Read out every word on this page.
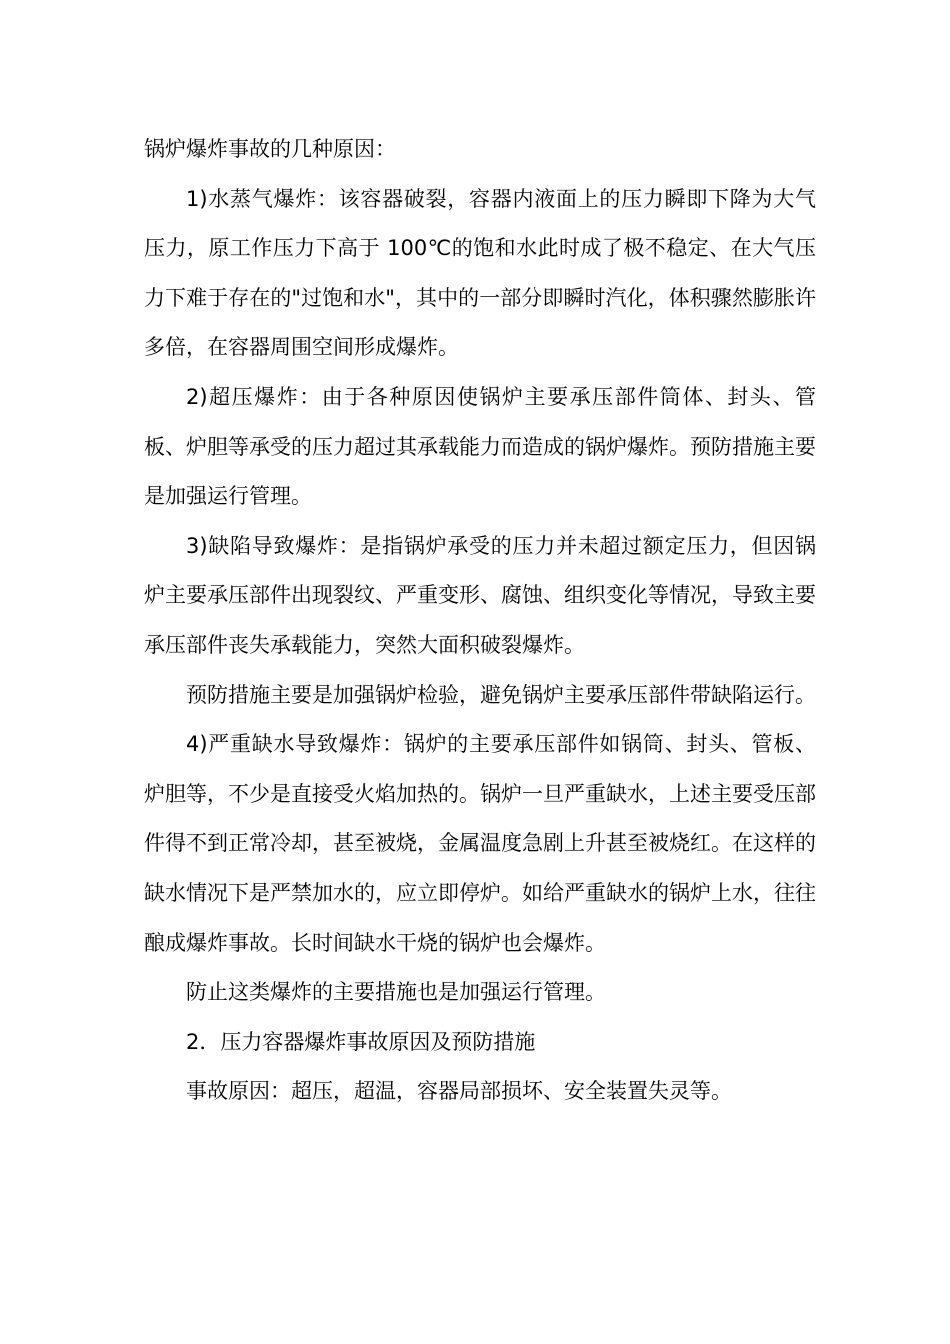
锅炉爆炸事故的几种原因：

1)水蒸气爆炸：该容器破裂，容器内液面上的压力瞬即下降为大气压力，原工作压力下高于 100℃的饱和水此时成了极不稳定、在大气压力下难于存在的"过饱和水"，其中的一部分即瞬时汽化，体积骤然膨胀许多倍，在容器周围空间形成爆炸。

2)超压爆炸：由于各种原因使锅炉主要承压部件筒体、封头、管板、炉胆等承受的压力超过其承载能力而造成的锅炉爆炸。预防措施主要是加强运行管理。

3)缺陷导致爆炸：是指锅炉承受的压力并未超过额定压力，但因锅炉主要承压部件出现裂纹、严重变形、腐蚀、组织变化等情况，导致主要承压部件丧失承载能力，突然大面积破裂爆炸。

预防措施主要是加强锅炉检验，避免锅炉主要承压部件带缺陷运行。

4)严重缺水导致爆炸：锅炉的主要承压部件如锅筒、封头、管板、炉胆等，不少是直接受火焰加热的。锅炉一旦严重缺水，上述主要受压部件得不到正常冷却，甚至被烧，金属温度急剧上升甚至被烧红。在这样的缺水情况下是严禁加水的，应立即停炉。如给严重缺水的锅炉上水，往往酿成爆炸事故。长时间缺水干烧的锅炉也会爆炸。

防止这类爆炸的主要措施也是加强运行管理。

2．压力容器爆炸事故原因及预防措施

事故原因：超压，超温，容器局部损坏、安全装置失灵等。
